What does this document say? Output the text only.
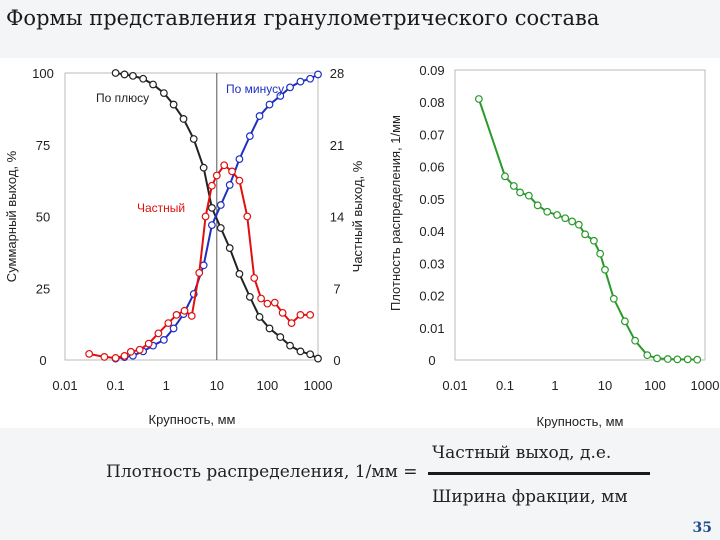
Формы представления гранулометрического состава
0.01 0.1	1	10	100 1000
0
25
50
75
100
0
7
14
21
28
Крупность, мм
Суммарный выход, %	Частный выход, %
По плюсу
По минусу
Частный
0.01 0.1	1	10 100 1000
0
0.01
0.02
0.03
0.04
0.05
0.06
0.07
0.08
0.09
Крупность, мм
Плотность распределения, 1/мм
Плотность распределения, 1/мм =
Частный выход, д.е.
Ширина фракции, мм
35
